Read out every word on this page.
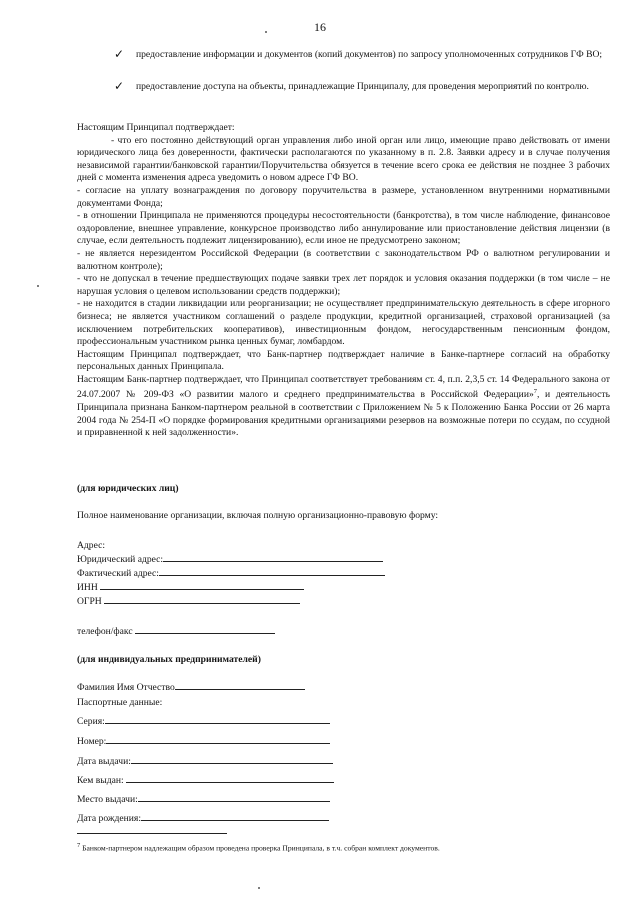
16
✓ предоставление информации и документов (копий документов) по запросу уполномоченных сотрудников ГФ ВО;
✓ предоставление доступа на объекты, принадлежащие Принципалу, для проведения мероприятий по контролю.

Настоящим Принципал подтверждает:

- что его постоянно действующий орган управления либо иной орган или лицо, имеющие право действовать от имени юридического лица без доверенности, фактически располагаются по указанному в п. 2.8. Заявки адресу и в случае получения независимой гарантии/банковской гарантии/Поручительства обязуется в течение всего срока ее действия не позднее 3 рабочих дней с момента изменения адреса уведомить о новом адресе ГФ ВО.

- согласие на уплату вознаграждения по договору поручительства в размере, установленном внутренними нормативными документами Фонда;

- в отношении Принципала не применяются процедуры несостоятельности (банкротства), в том числе наблюдение, финансовое оздоровление, внешнее управление, конкурсное производство либо аннулирование или приостановление действия лицензии (в случае, если деятельность подлежит лицензированию), если иное не предусмотрено законом;

- не является нерезидентом Российской Федерации (в соответствии с законодательством РФ о валютном регулировании и валютном контроле);

- что не допускал в течение предшествующих подаче заявки трех лет порядок и условия оказания поддержки (в том числе – не нарушая условия о целевом использовании средств поддержки);

- не находится в стадии ликвидации или реорганизации; не осуществляет предпринимательскую деятельность в сфере игорного бизнеса; не является участником соглашений о разделе продукции, кредитной организацией, страховой организацией (за исключением потребительских кооперативов), инвестиционным фондом, негосударственным пенсионным фондом, профессиональным участником рынка ценных бумаг, ломбардом.

Настоящим Принципал подтверждает, что Банк-партнер подтверждает наличие в Банке-партнере согласий на обработку персональных данных Принципала.

Настоящим Банк-партнер подтверждает, что Принципал соответствует требованиям ст. 4, п.п. 2,3,5 ст. 14 Федерального закона от 24.07.2007 № 209-ФЗ «О развитии малого и среднего предпринимательства в Российской Федерации»$^7$, и деятельность Принципала признана Банком-партнером реальной в соответствии с Приложением № 5 к Положению Банка России от 26 марта 2004 года № 254-П «О порядке формирования кредитными организациями резервов на возможные потери по ссудам, по ссудной и приравненной к ней задолженности».

(для юридических лиц)
Полное наименование организации, включая полную организационно-правовую форму:
Адрес:
Юридический адрес:
Фактический адрес:
ИНН
ОГРН
телефон/факс
(для индивидуальных предпринимателей)
Фамилия Имя Отчество
Паспортные данные:
Серия:
Номер:
Дата выдачи:
Кем выдан:
Место выдачи:
Дата рождения:
$^7$ Банком-партнером надлежащим образом проведена проверка Принципала, в т.ч. собран комплект документов.
